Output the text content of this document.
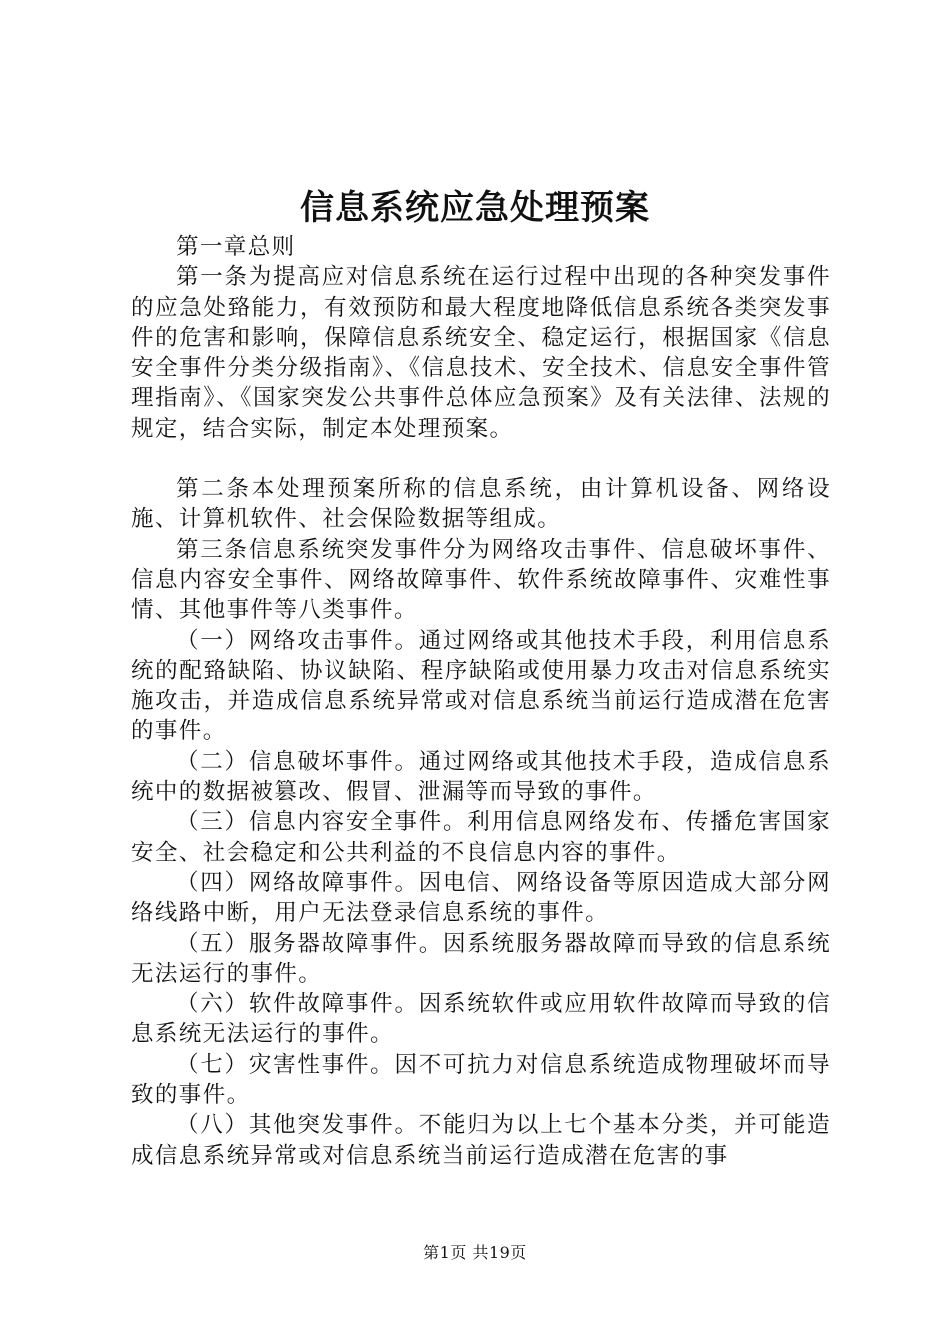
信息系统应急处理预案

第一章总则

第一条为提高应对信息系统在运行过程中出现的各种突发事件的应急处臵能力，有效预防和最大程度地降低信息系统各类突发事件的危害和影响，保障信息系统安全、稳定运行，根据国家《信息安全事件分类分级指南》、《信息技术、安全技术、信息安全事件管理指南》、《国家突发公共事件总体应急预案》及有关法律、法规的规定，结合实际，制定本处理预案。

第二条本处理预案所称的信息系统，由计算机设备、网络设施、计算机软件、社会保险数据等组成。

第三条信息系统突发事件分为网络攻击事件、信息破坏事件、信息内容安全事件、网络故障事件、软件系统故障事件、灾难性事情、其他事件等八类事件。

（一）网络攻击事件。通过网络或其他技术手段，利用信息系统的配臵缺陷、协议缺陷、程序缺陷或使用暴力攻击对信息系统实施攻击，并造成信息系统异常或对信息系统当前运行造成潜在危害的事件。

（二）信息破坏事件。通过网络或其他技术手段，造成信息系统中的数据被篡改、假冒、泄漏等而导致的事件。

（三）信息内容安全事件。利用信息网络发布、传播危害国家安全、社会稳定和公共利益的不良信息内容的事件。

（四）网络故障事件。因电信、网络设备等原因造成大部分网络线路中断，用户无法登录信息系统的事件。

（五）服务器故障事件。因系统服务器故障而导致的信息系统无法运行的事件。

（六）软件故障事件。因系统软件或应用软件故障而导致的信息系统无法运行的事件。

（七）灾害性事件。因不可抗力对信息系统造成物理破坏而导致的事件。

（八）其他突发事件。不能归为以上七个基本分类，并可能造成信息系统异常或对信息系统当前运行造成潜在危害的事

第1页 共19页
